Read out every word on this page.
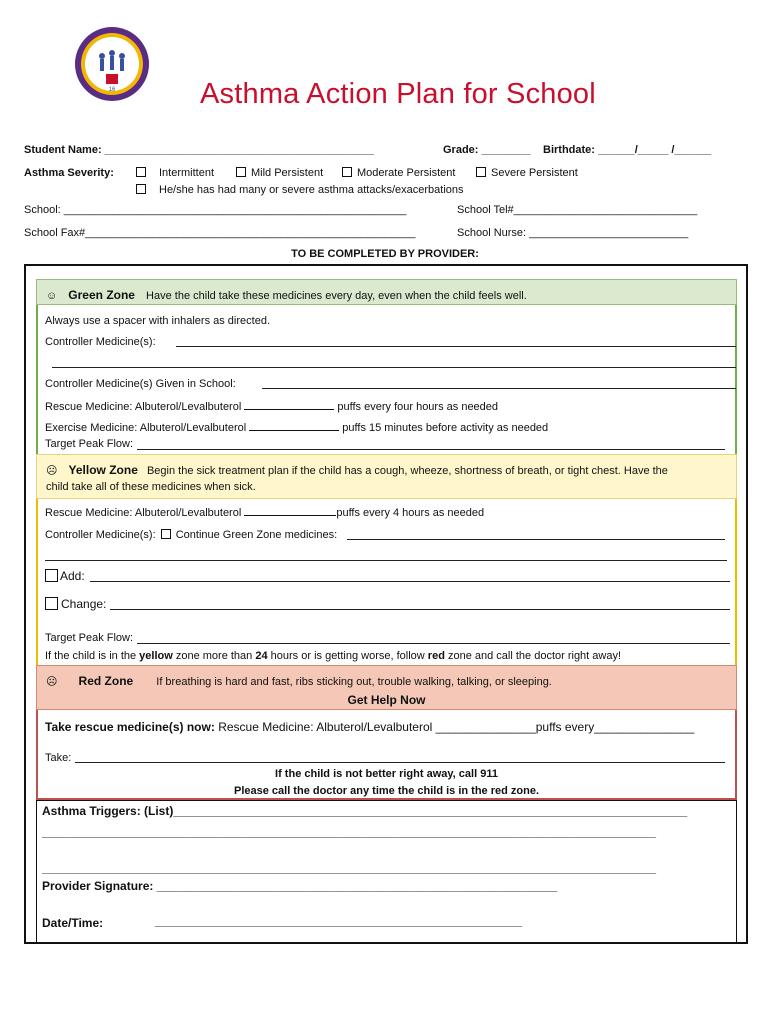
16	Asthma Action Plan for School
Student Name: ____________________________________________	Grade: ________ Birthdate: ______/_____ /______
Asthma Severity:	Intermittent	Mild Persistent	Moderate Persistent	Severe Persistent
He/she has had many or severe asthma attacks/exacerbations
School: ________________________________________________________	School Tel#______________________________
School Fax#______________________________________________________	School Nurse: __________________________
TO BE COMPLETED BY PROVIDER:
☺ Green Zone Have the child take these medicines every day, even when the child feels well.
Always use a spacer with inhalers as directed.
Controller Medicine(s):
Controller Medicine(s) Given in School:
Rescue Medicine: Albuterol/Levalbuterol	puffs every four hours as needed
Exercise Medicine: Albuterol/Levalbuterol	puffs 15 minutes before activity as needed
Target Peak Flow:
☹ Yellow Zone Begin the sick treatment plan if the child has a cough, wheeze, shortness of breath, or tight chest. Have the
child take all of these medicines when sick.
Rescue Medicine: Albuterol/Levalbuterol	puffs every 4 hours as needed
Controller Medicine(s): Continue Green Zone medicines:
Add:
Change:
Target Peak Flow:
If the child is in the yellow zone more than 24 hours or is getting worse, follow red zone and call the doctor right away!
☹ Red Zone If breathing is hard and fast, ribs sticking out, trouble walking, talking, or sleeping.
Get Help Now
Take rescue medicine(s) now: Rescue Medicine: Albuterol/Levalbuterol _______________puffs every_______________
Take:
If the child is not better right away, call 911
Please call the doctor any time the child is in the red zone.
Asthma Triggers: (List)_____________________________________________________________________________
____________________________________________________________________________________________
____________________________________________________________________________________________
Provider Signature: ____________________________________________________________
Date/Time:	_______________________________________________________
